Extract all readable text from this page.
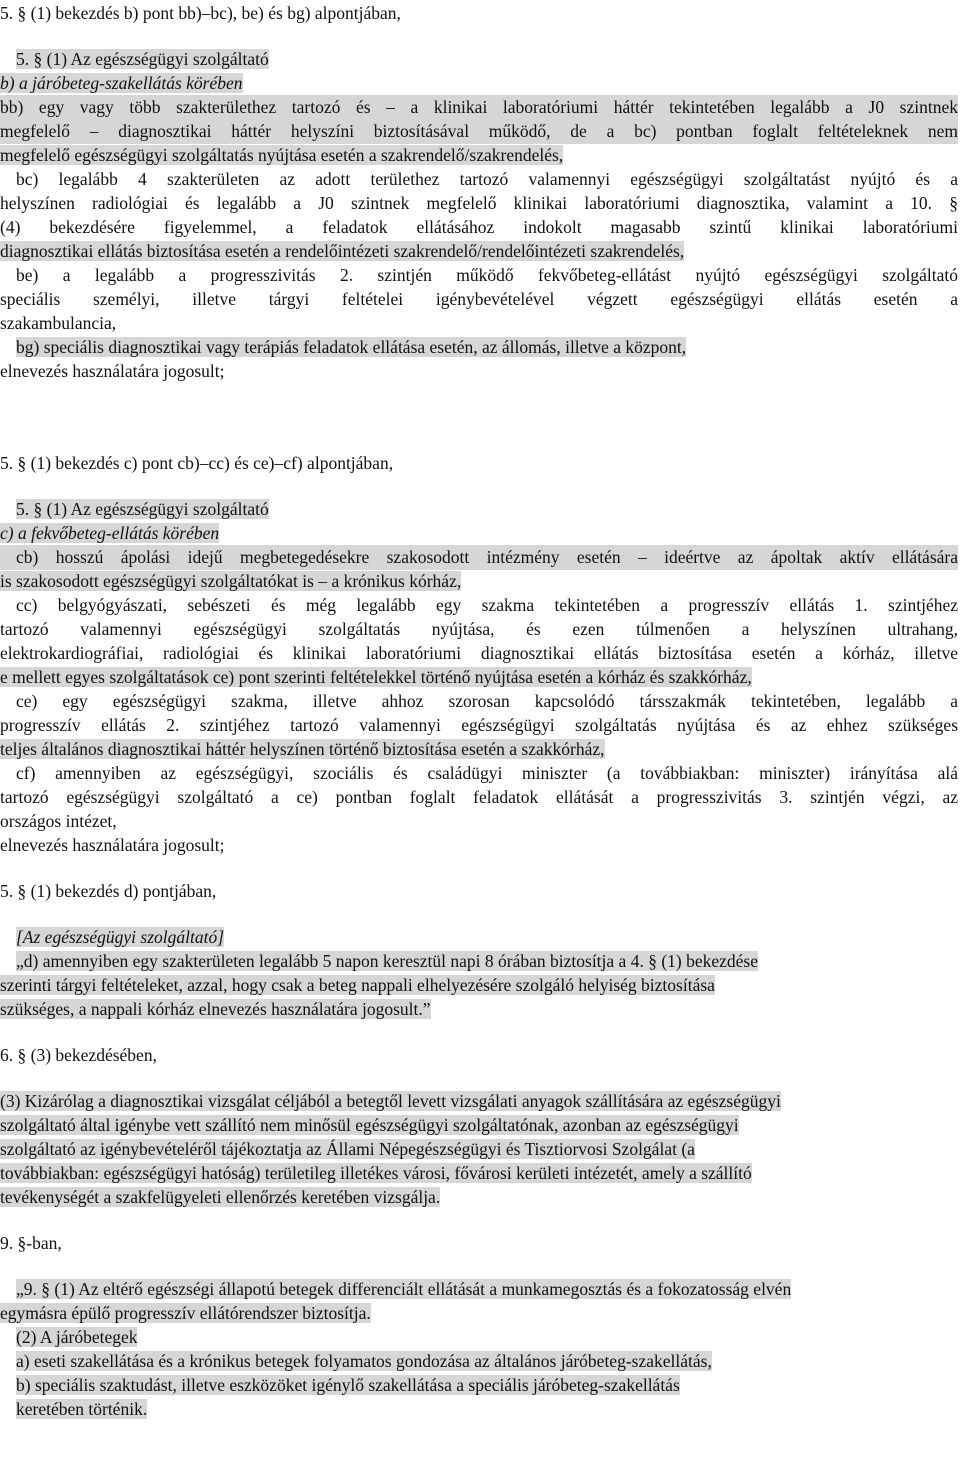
5. § (1) bekezdés b) pont bb)–bc), be) és bg) alpontjában,
5. § (1) Az egészségügyi szolgáltató
b) a járóbeteg-szakellátás körében
bb) egy vagy több szakterülethez tartozó és – a klinikai laboratóriumi háttér tekintetében legalább a J0 szintnek
megfelelő – diagnosztikai háttér helyszíni biztosításával működő, de a bc) pontban foglalt feltételeknek nem
megfelelő egészségügyi szolgáltatás nyújtása esetén a szakrendelő/szakrendelés,
bc) legalább 4 szakterületen az adott területhez tartozó valamennyi egészségügyi szolgáltatást nyújtó és a
helyszínen radiológiai és legalább a J0 szintnek megfelelő klinikai laboratóriumi diagnosztika, valamint a 10. §
(4) bekezdésére figyelemmel, a feladatok ellátásához indokolt magasabb szintű klinikai laboratóriumi
diagnosztikai ellátás biztosítása esetén a rendelőintézeti szakrendelő/rendelőintézeti szakrendelés,
be) a legalább a progresszivitás 2. szintjén működő fekvőbeteg-ellátást nyújtó egészségügyi szolgáltató
speciális személyi, illetve tárgyi feltételei igénybevételével végzett egészségügyi ellátás esetén a
szakambulancia,
bg) speciális diagnosztikai vagy terápiás feladatok ellátása esetén, az állomás, illetve a központ,
elnevezés használatára jogosult;
5. § (1) bekezdés c) pont cb)–cc) és ce)–cf) alpontjában,
5. § (1) Az egészségügyi szolgáltató
c) a fekvőbeteg-ellátás körében
cb) hosszú ápolási idejű megbetegedésekre szakosodott intézmény esetén – ideértve az ápoltak aktív ellátására
is szakosodott egészségügyi szolgáltatókat is – a krónikus kórház,
cc) belgyógyászati, sebészeti és még legalább egy szakma tekintetében a progresszív ellátás 1. szintjéhez
tartozó valamennyi egészségügyi szolgáltatás nyújtása, és ezen túlmenően a helyszínen ultrahang,
elektrokardiográfiai, radiológiai és klinikai laboratóriumi diagnosztikai ellátás biztosítása esetén a kórház, illetve
e mellett egyes szolgáltatások ce) pont szerinti feltételekkel történő nyújtása esetén a kórház és szakkórház,
ce) egy egészségügyi szakma, illetve ahhoz szorosan kapcsolódó társszakmák tekintetében, legalább a
progresszív ellátás 2. szintjéhez tartozó valamennyi egészségügyi szolgáltatás nyújtása és az ehhez szükséges
teljes általános diagnosztikai háttér helyszínen történő biztosítása esetén a szakkórház,
cf) amennyiben az egészségügyi, szociális és családügyi miniszter (a továbbiakban: miniszter) irányítása alá
tartozó egészségügyi szolgáltató a ce) pontban foglalt feladatok ellátását a progresszivitás 3. szintjén végzi, az
országos intézet,
elnevezés használatára jogosult;
5. § (1) bekezdés d) pontjában,
[Az egészségügyi szolgáltató]
„d) amennyiben egy szakterületen legalább 5 napon keresztül napi 8 órában biztosítja a 4. § (1) bekezdése
szerinti tárgyi feltételeket, azzal, hogy csak a beteg nappali elhelyezésére szolgáló helyiség biztosítása
szükséges, a nappali kórház elnevezés használatára jogosult.”
6. § (3) bekezdésében,
(3) Kizárólag a diagnosztikai vizsgálat céljából a betegtől levett vizsgálati anyagok szállítására az egészségügyi
szolgáltató által igénybe vett szállító nem minősül egészségügyi szolgáltatónak, azonban az egészségügyi
szolgáltató az igénybevételéről tájékoztatja az Állami Népegészségügyi és Tisztiorvosi Szolgálat (a
továbbiakban: egészségügyi hatóság) területileg illetékes városi, fővárosi kerületi intézetét, amely a szállító
tevékenységét a szakfelügyeleti ellenőrzés keretében vizsgálja.
9. §-ban,
„9. § (1) Az eltérő egészségi állapotú betegek differenciált ellátását a munkamegosztás és a fokozatosság elvén
egymásra épülő progresszív ellátórendszer biztosítja.
(2) A járóbetegek
a) eseti szakellátása és a krónikus betegek folyamatos gondozása az általános járóbeteg-szakellátás,
b) speciális szaktudást, illetve eszközöket igénylő szakellátása a speciális járóbeteg-szakellátás
keretében történik.
